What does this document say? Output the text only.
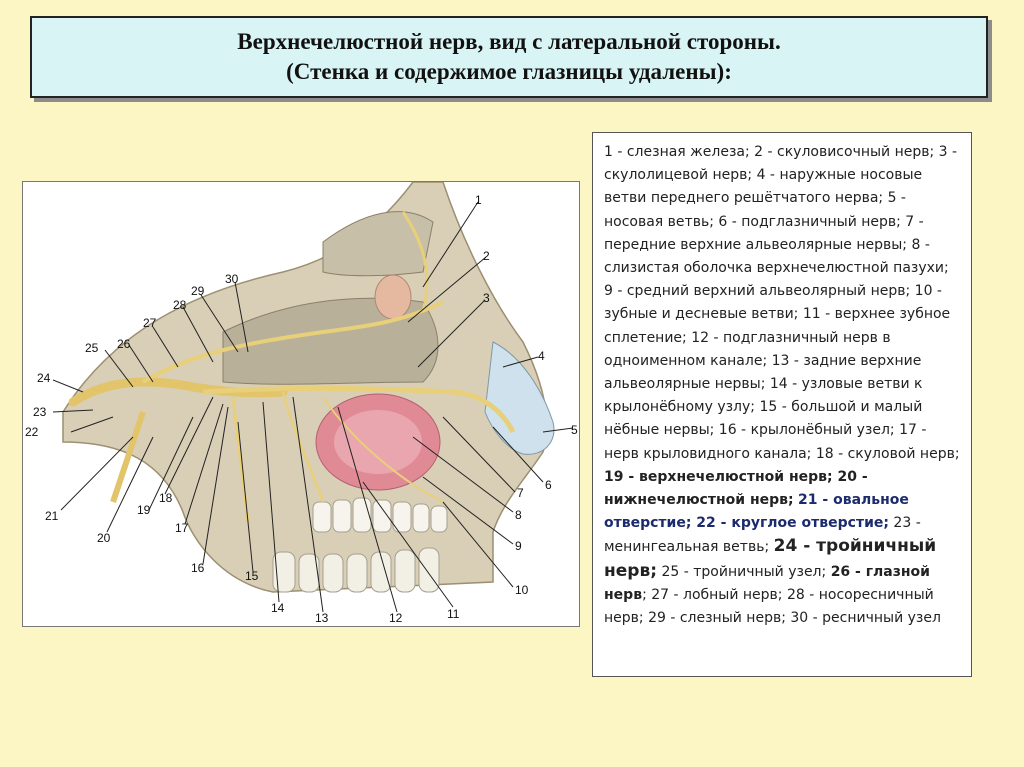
Верхнечелюстной нерв, вид с латеральной стороны.
(Стенка и содержимое глазницы удалены):
1
2
3
4
5
6
7
8
9
10
11
12
13
14
15
16
17
18
19
20
21
22
23
24
25 26
27
28
29
30
1 - слезная железа; 2 - скуловисочный нерв; 3 - скулолицевой нерв; 4 - наружные носовые ветви переднего решётчатого нерва; 5 - носовая ветвь; 6 - подглазничный нерв; 7 - передние верхние альвеолярные нервы; 8 - слизистая оболочка верхнечелюстной пазухи; 9 - средний верхний альвеолярный нерв; 10 - зубные и десневые ветви; 11 - верхнее зубное сплетение; 12 - подглазничный нерв в одноименном канале; 13 - задние верхние альвеолярные нервы; 14 - узловые ветви к крылонёбному узлу; 15 - большой и малый нёбные нервы; 16 - крылонёбный узел; 17 - нерв крыловидного канала; 18 - скуловой нерв; 19 - верхнечелюстной нерв; 20 - нижнечелюстной нерв; 21 - овальное отверстие; 22 - круглое отверстие; 23 - менингеальная ветвь; 24 - тройничный нерв; 25 - тройничный узел; 26 - глазной нерв; 27 - лобный нерв; 28 - носоресничный нерв; 29 - слезный нерв; 30 - ресничный узел
